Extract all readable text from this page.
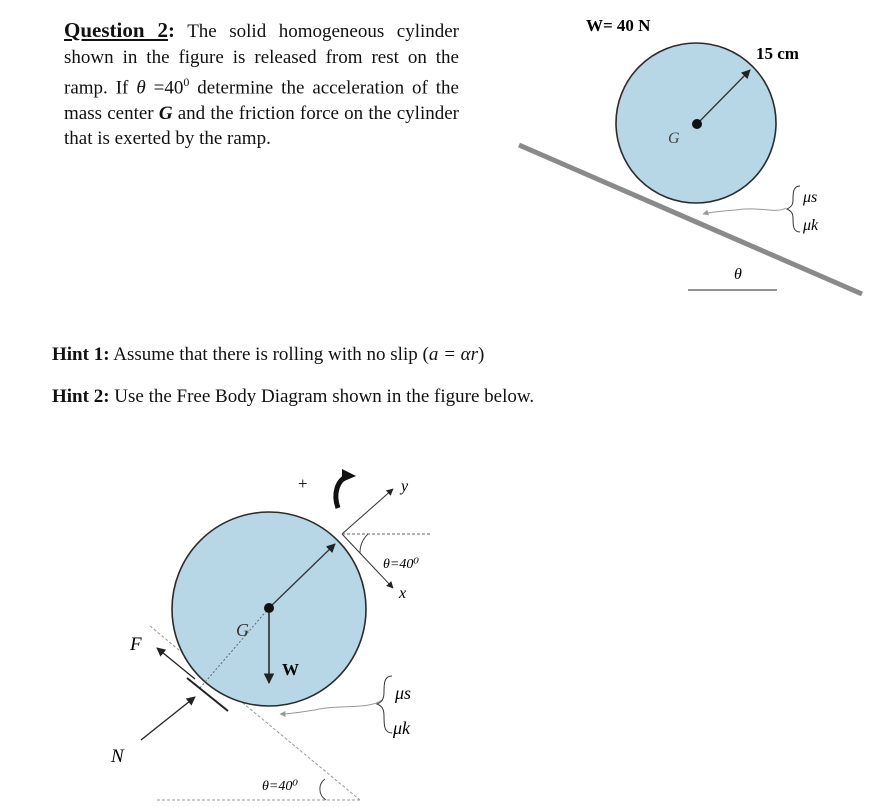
Question 2: The solid homogeneous cylinder shown in the figure is released from rest on the ramp. If $\theta =40^0$ determine the acceleration of the mass center G and the friction force on the cylinder that is exerted by the ramp.
Hint 1: Assume that there is rolling with no slip (a = αr)
Hint 2: Use the Free Body Diagram shown in the figure below.
W= 40 N
G
15 cm
μs
μk
θ
W
G
F
N
y
x
θ=40⁰
+
μs
μk
θ=40⁰
